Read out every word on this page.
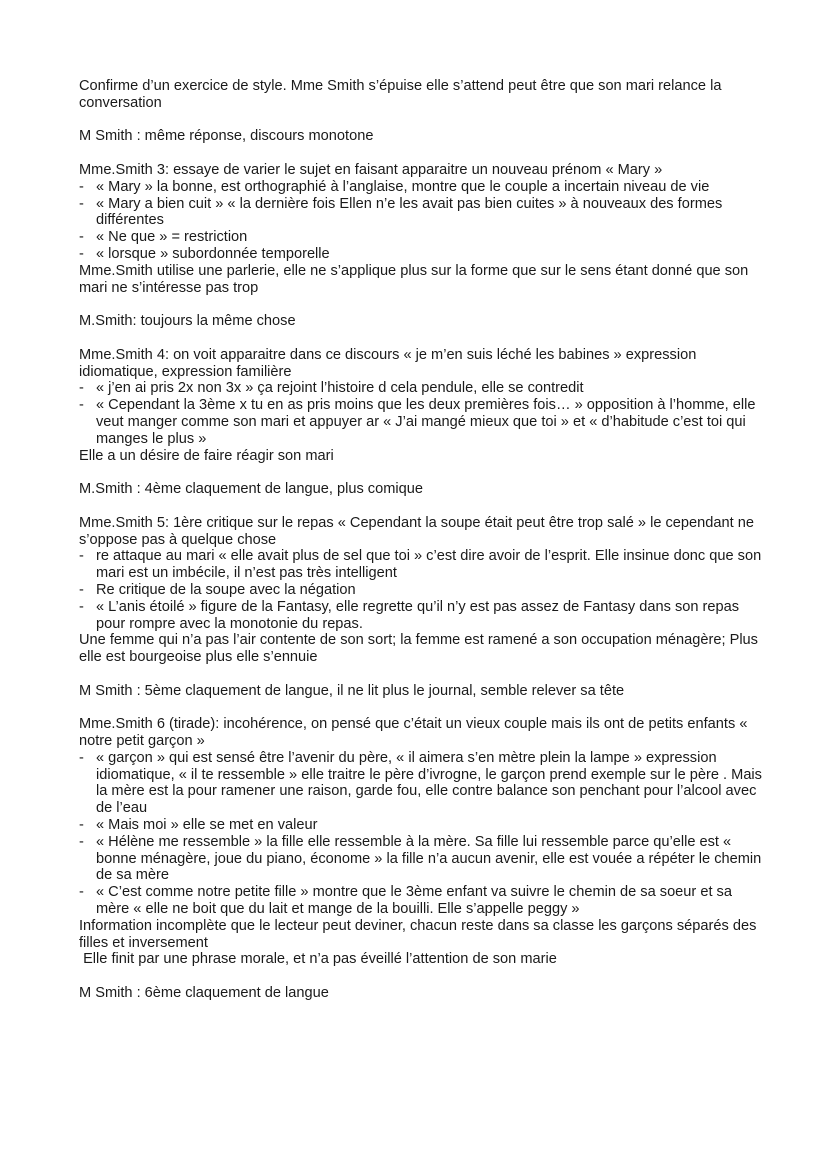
Confirme d’un exercice de style. Mme Smith s’épuise elle s’attend peut être que son mari relance la conversation

M Smith : même réponse, discours monotone

Mme.Smith 3: essaye de varier le sujet en faisant apparaitre un nouveau prénom « Mary »

- « Mary » la bonne, est orthographié à l’anglaise, montre que le couple a incertain niveau de vie
- « Mary a bien cuit » « la dernière fois Ellen n’e les avait pas bien cuites » à nouveaux des formes différentes
- « Ne que » = restriction
- « lorsque » subordonnée temporelle

Mme.Smith utilise une parlerie, elle ne s’applique plus sur la forme que sur le sens étant donné que son mari ne s’intéresse pas trop

M.Smith: toujours la même chose

Mme.Smith 4: on voit apparaitre dans ce discours « je m’en suis léché les babines » expression idiomatique, expression familière

- « j’en ai pris 2x non 3x » ça rejoint l’histoire d cela pendule, elle se contredit
- « Cependant la 3ème x tu en as pris moins que les deux premières fois… » opposition à l’homme, elle veut manger comme son mari et appuyer ar « J’ai mangé mieux que toi » et « d’habitude c’est toi qui manges le plus »

Elle a un désire de faire réagir son mari

M.Smith : 4ème claquement de langue, plus comique

Mme.Smith 5: 1ère critique sur le repas « Cependant la soupe était peut être trop salé » le cependant ne s’oppose pas à quelque chose

- re attaque au mari « elle avait plus de sel que toi » c’est dire avoir de l’esprit. Elle insinue donc que son mari est un imbécile, il n’est pas très intelligent
- Re critique de la soupe avec la négation
- « L’anis étoilé » figure de la Fantasy, elle regrette qu’il n’y est pas assez de Fantasy dans son repas pour rompre avec la monotonie du repas.

Une femme qui n’a pas l’air contente de son sort; la femme est ramené a son occupation ménagère; Plus elle est bourgeoise plus elle s’ennuie

M Smith : 5ème claquement de langue, il ne lit plus le journal, semble relever sa tête

Mme.Smith 6 (tirade): incohérence, on pensé que c’était un vieux couple mais ils ont de petits enfants « notre petit garçon »

- « garçon » qui est sensé être l’avenir du père, « il aimera s’en mètre plein la lampe » expression idiomatique, « il te ressemble » elle traitre le père d’ivrogne, le garçon prend exemple sur le père . Mais la mère est la pour ramener une raison, garde fou, elle contre balance son penchant pour l’alcool avec de l’eau
- « Mais moi » elle se met en valeur
- « Hélène me ressemble » la fille elle ressemble à la mère. Sa fille lui ressemble parce qu’elle est « bonne ménagère, joue du piano, économe » la fille n’a aucun avenir, elle est vouée a répéter le chemin de sa mère
- « C’est comme notre petite fille » montre que le 3ème enfant va suivre le chemin de sa soeur et sa mère « elle ne boit que du lait et mange de la bouilli. Elle s’appelle peggy »

Information incomplète que le lecteur peut deviner, chacun reste dans sa classe les garçons séparés des filles et inversement

Elle finit par une phrase morale, et n’a pas éveillé l’attention de son marie

M Smith : 6ème claquement de langue
